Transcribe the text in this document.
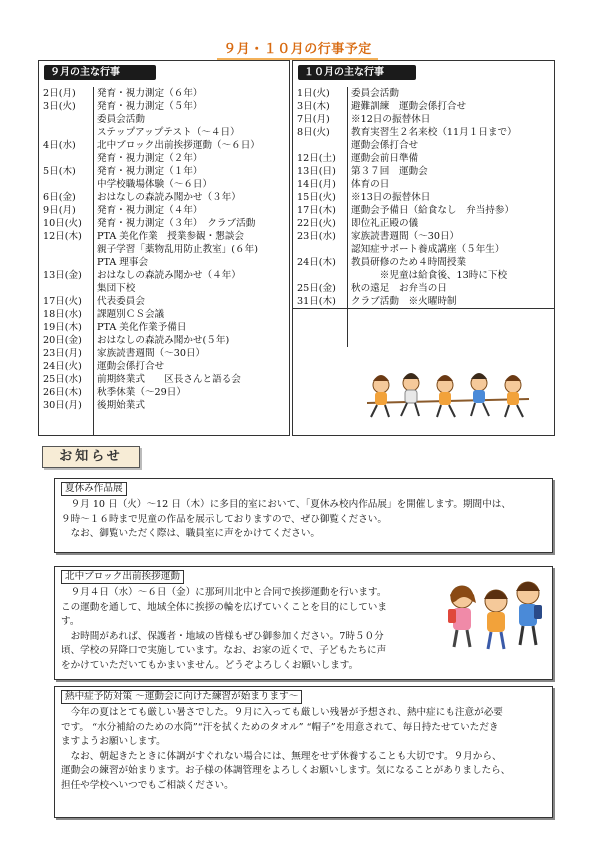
９月・１０月の行事予定
９月の主な行事
2日(月)	発育・視力測定（６年）
3日(火)	発育・視力測定（５年）
委員会活動
ステップアップテスト（～４日）
4日(水)	北中ブロック出前挨拶運動（～６日）
発育・視力測定（２年）
5日(木)	発育・視力測定（１年）
中学校職場体験（～６日）
6日(金)	おはなしの森読み聞かせ（３年）
9日(月)	発育・視力測定（４年）
10日(火)	発育・視力測定（３年）　クラブ活動
12日(木)	PTA 美化作業　授業参観・懇談会
親子学習「薬物乱用防止教室」(６年)
PTA 理事会
13日(金)	おはなしの森読み聞かせ（４年）
集団下校
17日(火)	代表委員会
18日(水)	課題別ＣＳ会議
19日(木)	PTA 美化作業予備日
20日(金)	おはなしの森読み聞かせ(５年)
23日(月)	家族読書週間（～30日）
24日(火)	運動会係打合せ
25日(水)	前期終業式　　区長さんと語る会
26日(木)	秋季休業（～29日）
30日(月)	後期始業式
１０月の主な行事
1日(火)	委員会活動
3日(木)	避難訓練　運動会係打合せ
7日(月)	※12日の振替休日
8日(火)	教育実習生２名来校（11月１日まで）
運動会係打合せ
12日(土)	運動会前日準備
13日(日)	第３７回　運動会
14日(月)	体育の日
15日(火)	※13日の振替休日
17日(木)	運動会予備日（給食なし　弁当持参）
22日(火)	即位礼正殿の儀
23日(水)	家族読書週間（～30日）
認知症サポート養成講座（５年生）
24日(木)	教員研修のため４時間授業
　　　※児童は給食後、13時に下校
25日(金)	秋の遠足　お弁当の日
31日(木)	クラブ活動　※火曜時制
お知らせ
夏休み作品展
　９月 10 日（火）～12 日（木）に多目的室において、「夏休み校内作品展」を開催します。期間中は、
９時～１６時まで児童の作品を展示しておりますので、ぜひ御覧ください。
　なお、御覧いただく際は、職員室に声をかけてください。
北中ブロック出前挨拶運動
　９月４日（水）～６日（金）に那珂川北中と合同で挨拶運動を行います。
この運動を通して、地域全体に挨拶の輪を広げていくことを目的にしていま
す。
　お時間があれば、保護者・地域の皆様もぜひ御参加ください。7時５０分
頃、学校の昇降口で実施しています。なお、お家の近くで、子どもたちに声
をかけていただいてもかまいません。どうぞよろしくお願いします。
熱中症予防対策 ～運動会に向けた練習が始まります～
　今年の夏はとても厳しい暑さでした。９月に入っても厳しい残暑が予想され、熱中症にも注意が必要
です。 “水分補給のための水筒”“汗を拭くためのタオル” “帽子”を用意されて、毎日持たせていただき
ますようお願いします。
　なお、朝起きたときに体調がすぐれない場合には、無理をせず休養することも大切です。９月から、
運動会の練習が始まります。お子様の体調管理をよろしくお願いします。気になることがありましたら、
担任や学校へいつでもご相談ください。
